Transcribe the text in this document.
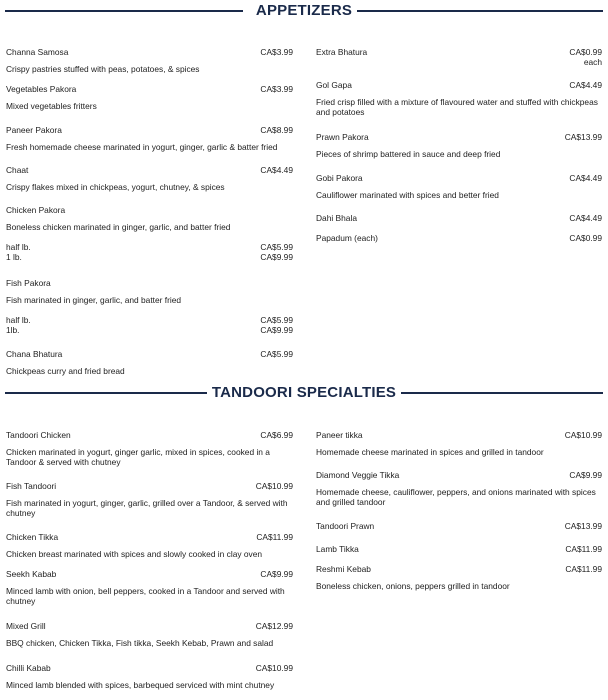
APPETIZERS
Channa Samosa	CA$3.99
Crispy pastries stuffed with peas, potatoes, & spices
Vegetables Pakora	CA$3.99
Mixed vegetables fritters
Paneer Pakora	CA$8.99
Fresh homemade cheese marinated in yogurt, ginger, garlic & batter fried
Chaat	CA$4.49
Crispy flakes mixed in chickpeas, yogurt, chutney, & spices
Chicken Pakora
Boneless chicken marinated in ginger, garlic, and batter fried
half lb.	CA$5.99
1 lb.	CA$9.99
Fish Pakora
Fish marinated in ginger, garlic, and batter fried
half lb.	CA$5.99
1lb.	CA$9.99
Chana Bhatura	CA$5.99
Chickpeas curry and fried bread
Extra Bhatura	CA$0.99
each
Gol Gapa	CA$4.49
Fried crisp filled with a mixture of flavoured water and stuffed with chickpeas and potatoes
Prawn Pakora	CA$13.99
Pieces of shrimp battered in sauce and deep fried
Gobi Pakora	CA$4.49
Cauliflower marinated with spices and better fried
Dahi Bhala	CA$4.49
Papadum (each)	CA$0.99
TANDOORI SPECIALTIES
Tandoori Chicken	CA$6.99
Chicken marinated in yogurt, ginger garlic, mixed in spices, cooked in a Tandoor & served with chutney
Fish Tandoori	CA$10.99
Fish marinated in yogurt, ginger, garlic, grilled over a Tandoor, & served with chutney
Chicken Tikka	CA$11.99
Chicken breast marinated with spices and slowly cooked in clay oven
Seekh Kabab	CA$9.99
Minced lamb with onion, bell peppers, cooked in a Tandoor and served with chutney
Mixed Grill	CA$12.99
BBQ chicken, Chicken Tikka, Fish tikka, Seekh Kebab, Prawn and salad
Chilli Kabab	CA$10.99
Minced lamb blended with spices, barbequed serviced with mint chutney
Paneer tikka	CA$10.99
Homemade cheese marinated in spices and grilled in tandoor
Diamond Veggie Tikka	CA$9.99
Homemade cheese, cauliflower, peppers, and onions marinated with spices and grilled tandoor
Tandoori Prawn	CA$13.99
Lamb Tikka	CA$11.99
Reshmi Kebab	CA$11.99
Boneless chicken, onions, peppers grilled in tandoor
